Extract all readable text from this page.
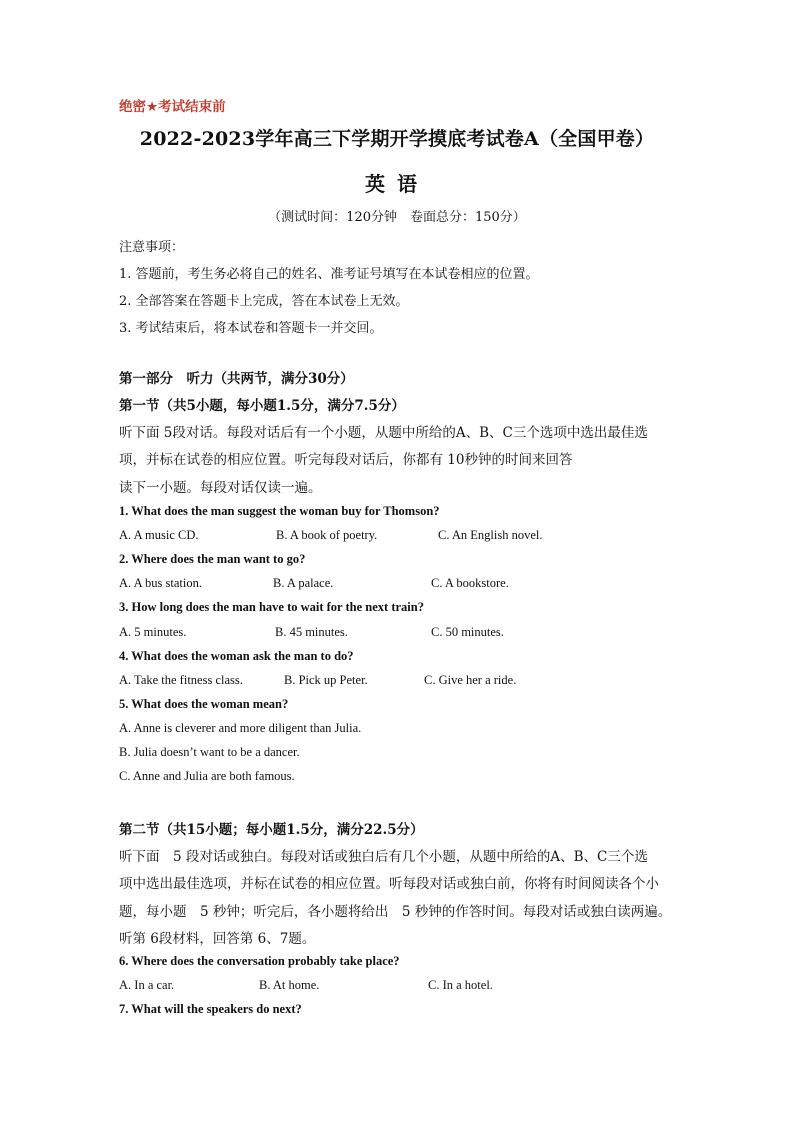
绝密★考试结束前
2022-2023学年高三下学期开学摸底考试卷A（全国甲卷）
英语
（测试时间：120分钟　卷面总分：150分）
注意事项：
1. 答题前，考生务必将自己的姓名、准考证号填写在本试卷相应的位置。
2. 全部答案在答题卡上完成，答在本试卷上无效。
3. 考试结束后，将本试卷和答题卡一并交回。
第一部分　听力（共两节，满分30分）
第一节（共5小题，每小题1.5分，满分7.5分）
听下面 5段对话。每段对话后有一个小题，从题中所给的A、B、C三个选项中选出最佳选
项，并标在试卷的相应位置。听完每段对话后，你都有 10秒钟的时间来回答
读下一小题。每段对话仅读一遍。
1. What does the man suggest the woman buy for Thomson?
A. A music CD.	B. A book of poetry.	C. An English novel.
2. Where does the man want to go?
A. A bus station.	B. A palace.	C. A bookstore.
3. How long does the man have to wait for the next train?
A. 5 minutes.	B. 45 minutes.	C. 50 minutes.
4. What does the woman ask the man to do?
A. Take the fitness class.	B. Pick up Peter.	C. Give her a ride.
5. What does the woman mean?
A. Anne is cleverer and more diligent than Julia.
B. Julia doesn’t want to be a dancer.
C. Anne and Julia are both famous.
第二节（共15小题；每小题1.5分，满分22.5分）
听下面　5 段对话或独白。每段对话或独白后有几个小题，从题中所给的A、B、C三个选
项中选出最佳选项，并标在试卷的相应位置。听每段对话或独白前，你将有时间阅读各个小
题，每小题　5 秒钟；听完后，各小题将给出　5 秒钟的作答时间。每段对话或独白读两遍。
听第 6段材料，回答第 6、7题。
6. Where does the conversation probably take place?
A. In a car.	B. At home.	C. In a hotel.
7. What will the speakers do next?
